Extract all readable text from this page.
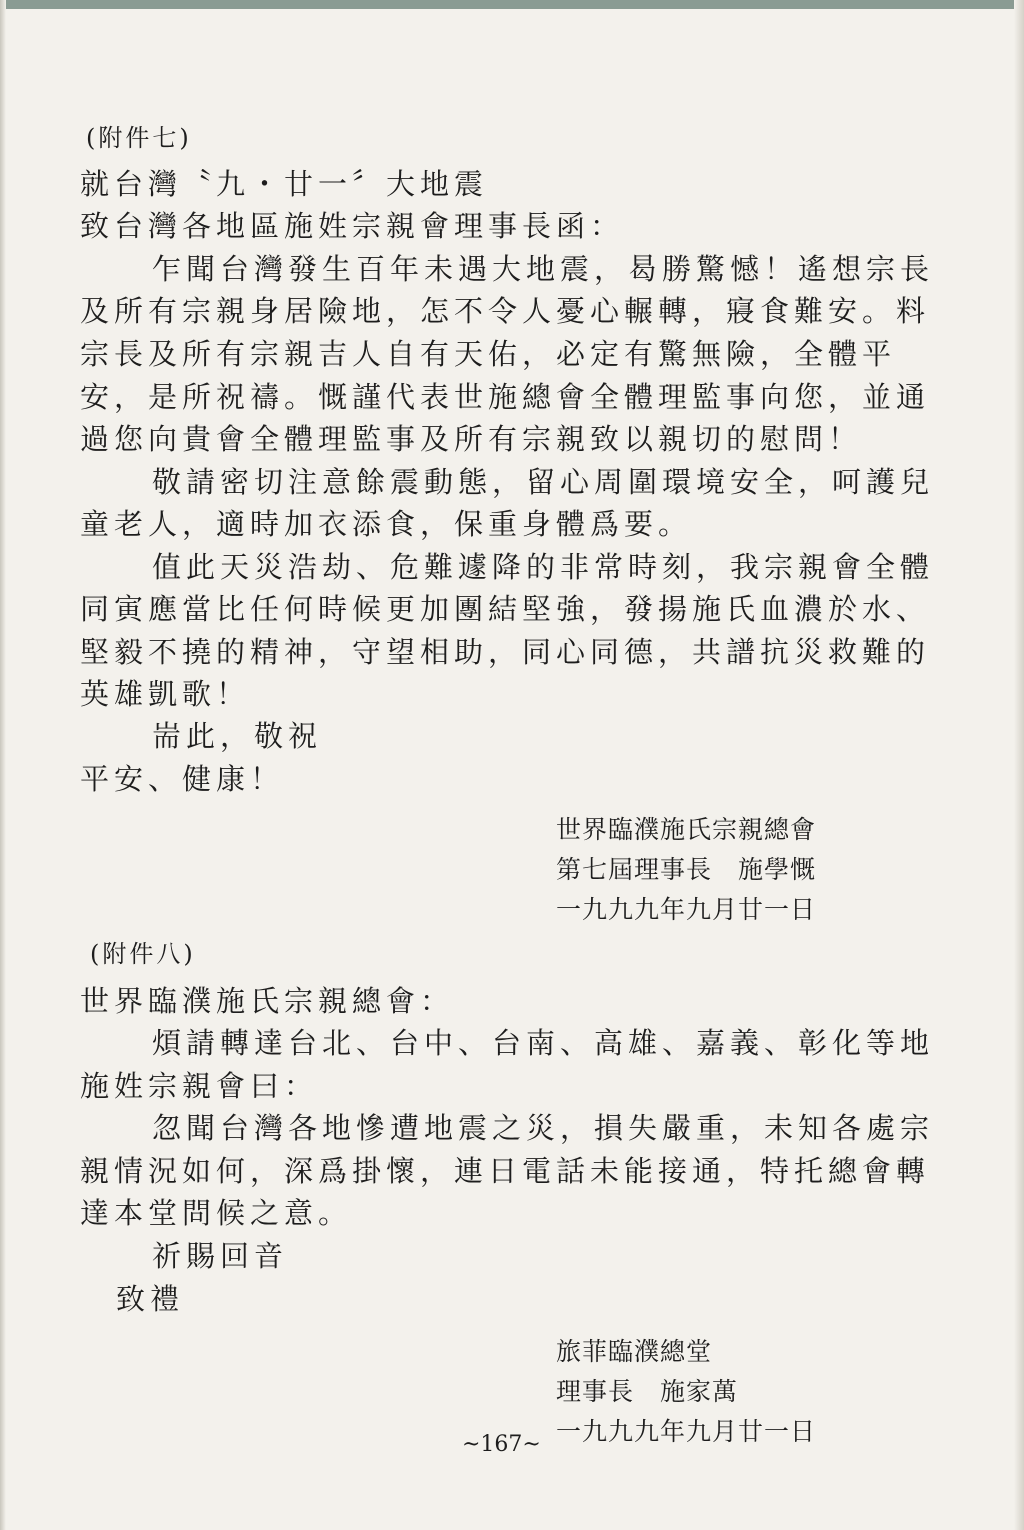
(附件七)
就台灣〝九・廿一〞大地震
致台灣各地區施姓宗親會理事長函：
乍聞台灣發生百年未遇大地震，曷勝驚憾！遙想宗長
及所有宗親身居險地，怎不令人憂心輾轉，寢食難安。料
宗長及所有宗親吉人自有天佑，必定有驚無險，全體平
安，是所祝禱。慨謹代表世施總會全體理監事向您，並通
過您向貴會全體理監事及所有宗親致以親切的慰問！
敬請密切注意餘震動態，留心周圍環境安全，呵護兒
童老人，適時加衣添食，保重身體爲要。
值此天災浩劫、危難遽降的非常時刻，我宗親會全體
同寅應當比任何時候更加團結堅強，發揚施氏血濃於水、
堅毅不撓的精神，守望相助，同心同德，共譜抗災救難的
英雄凱歌！
耑此，敬祝
平安、健康！
世界臨濮施氏宗親總會
第七屆理事長　施學慨
一九九九年九月廿一日
(附件八)
世界臨濮施氏宗親總會：
煩請轉達台北、台中、台南、高雄、嘉義、彰化等地
施姓宗親會曰：
忽聞台灣各地慘遭地震之災，損失嚴重，未知各處宗
親情況如何，深爲掛懷，連日電話未能接通，特托總會轉
達本堂問候之意。
祈賜回音
致禮
旅菲臨濮總堂
理事長　施家萬
一九九九年九月廿一日
~167~
